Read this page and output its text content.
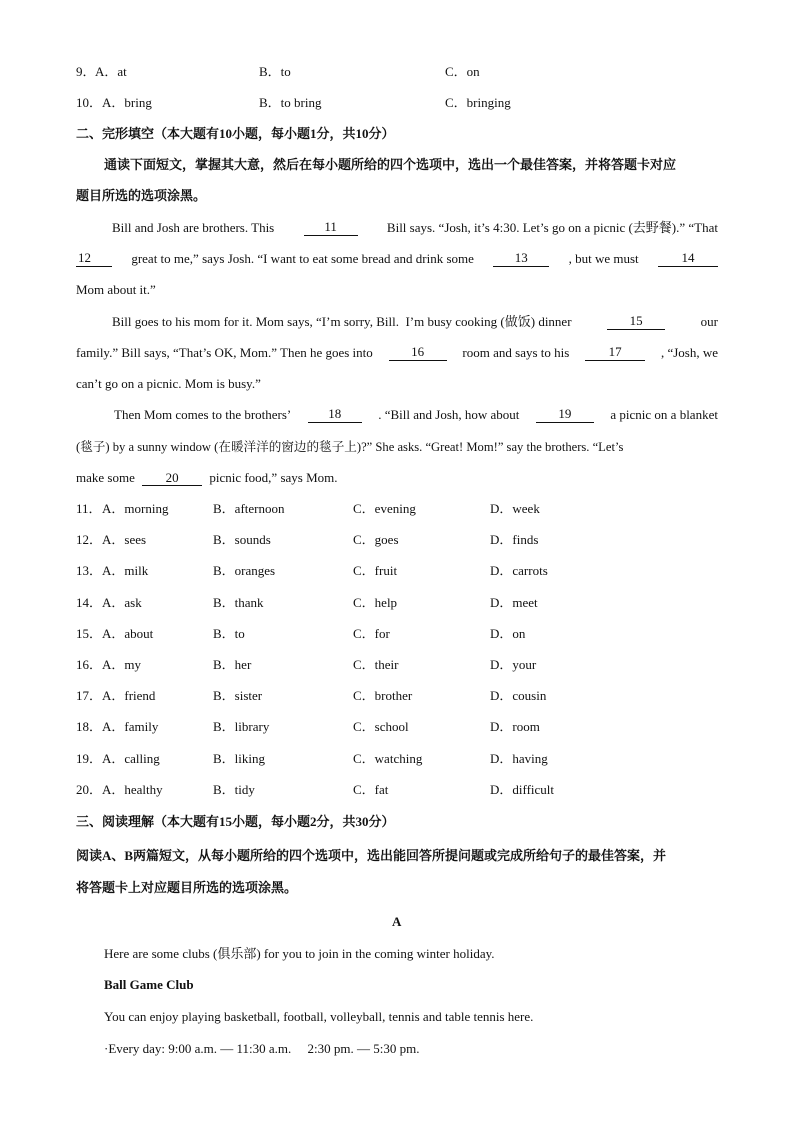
9． A．at	B．to	C．on
10． A．bring	B．to bring	C．bringing
二、完形填空（本大题有10小题，每小题1分，共10分）
通读下面短文，掌握其大意，然后在每小题所给的四个选项中，选出一个最佳答案，并将答题卡对应
题目所选的选项涂黑。
Bill and Josh are brothers. This	11	Bill says. “Josh, it’s 4:30. Let’s go on a picnic (去野餐).” “That
12	great to me,” says Josh. “I want to eat some bread and drink some	13	, but we must	14
Mom about it.”
Bill goes to his mom for it. Mom says, “I’m sorry, Bill.  I’m busy cooking (做饭) dinner	15	our
family.” Bill says, “That’s OK, Mom.” Then he goes into	16	room and says to his	17	, “Josh, we
can’t go on a picnic. Mom is busy.”
Then Mom comes to the brothers’	18	. “Bill and Josh, how about	19	a picnic on a blanket
(毯子) by a sunny window (在暖洋洋的窗边的毯子上)?” She asks. “Great! Mom!” say the brothers. “Let’s
make some 20 picnic food,” says Mom.
11． A．morning	B．afternoon	C．evening	D．week
12． A．sees	B．sounds	C．goes	D．finds
13． A．milk	B．oranges	C．fruit	D．carrots
14． A．ask	B．thank	C．help	D．meet
15． A．about	B．to	C．for	D．on
16． A．my	B．her	C．their	D．your
17． A．friend	B．sister	C．brother	D．cousin
18． A．family	B．library	C．school	D．room
19． A．calling	B．liking	C．watching	D．having
20． A．healthy	B．tidy	C．fat	D．difficult
三、阅读理解（本大题有15小题，每小题2分，共30分）
阅读A、B两篇短文，从每小题所给的四个选项中，选出能回答所提问题或完成所给句子的最佳答案，并
将答题卡上对应题目所选的选项涂黑。
A
Here are some clubs (俱乐部) for you to join in the coming winter holiday.
Ball Game Club
You can enjoy playing basketball, football, volleyball, tennis and table tennis here.
·Every day: 9:00 a.m. — 11:30 a.m.     2:30 pm. — 5:30 pm.
